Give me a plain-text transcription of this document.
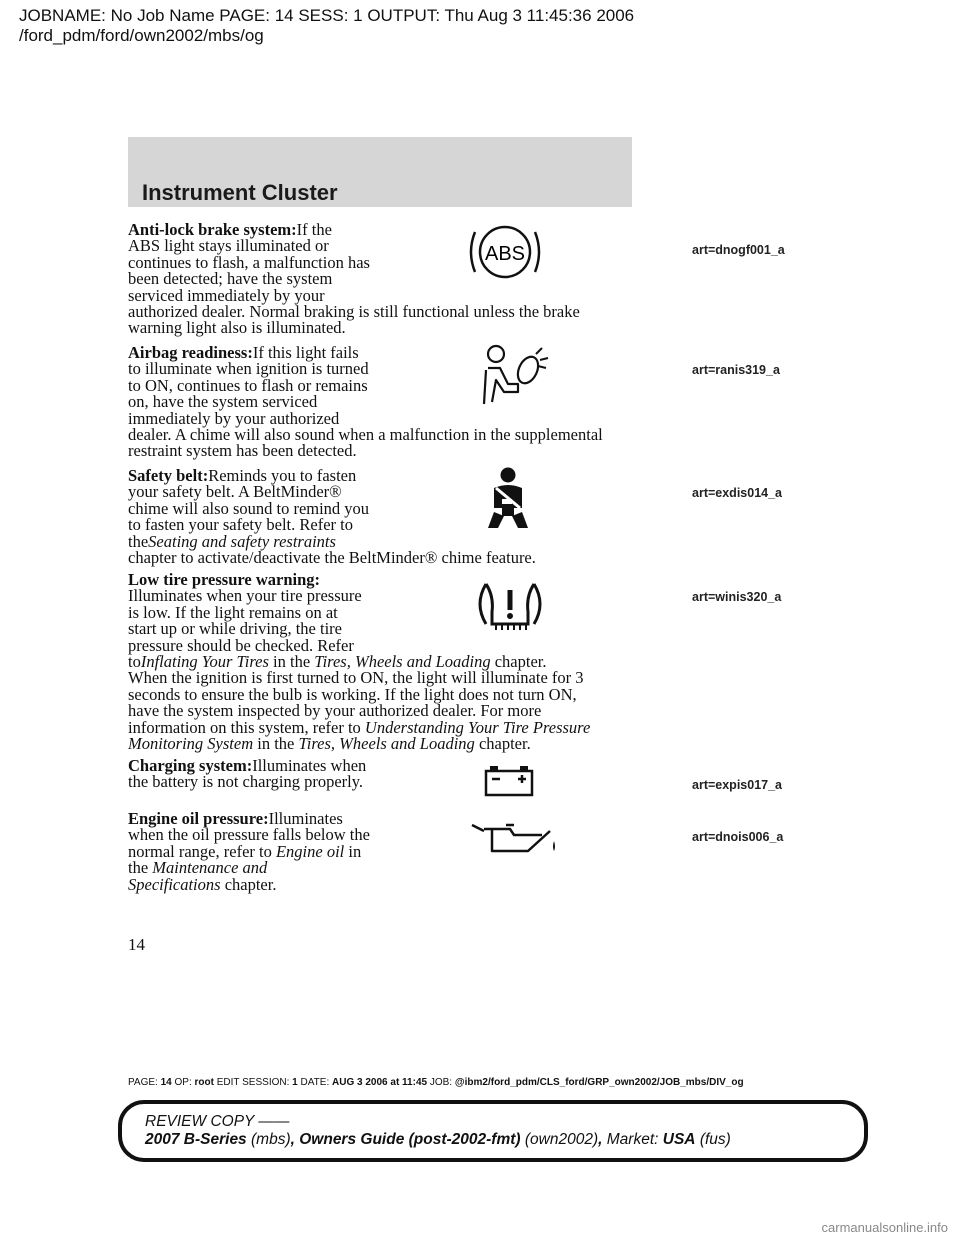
JOBNAME: No Job Name PAGE: 14 SESS: 1 OUTPUT: Thu Aug 3 11:45:36 2006
/ford_pdm/ford/own2002/mbs/og
Instrument Cluster
Anti-lock brake system:If the
ABS light stays illuminated or
continues to flash, a malfunction has
been detected; have the system
serviced immediately by your
authorized dealer. Normal braking is still functional unless the brake
warning light also is illuminated.
ABS	art=dnogf001_a
Airbag readiness:If this light fails
to illuminate when ignition is turned
to ON, continues to flash or remains
on, have the system serviced
immediately by your authorized
dealer. A chime will also sound when a malfunction in the supplemental
restraint system has been detected.
art=ranis319_a
Safety belt:Reminds you to fasten
your safety belt. A BeltMinder®
chime will also sound to remind you
to fasten your safety belt. Refer to
theSeating and safety restraints
chapter to activate/deactivate the BeltMinder® chime feature.
art=exdis014_a
Low tire pressure warning:
Illuminates when your tire pressure
is low. If the light remains on at
start up or while driving, the tire
pressure should be checked. Refer
toInflating Your Tires in the Tires, Wheels and Loading chapter.
When the ignition is first turned to ON, the light will illuminate for 3
seconds to ensure the bulb is working. If the light does not turn ON,
have the system inspected by your authorized dealer. For more
information on this system, refer to Understanding Your Tire Pressure
Monitoring System in the Tires, Wheels and Loading chapter.
art=winis320_a
Charging system:Illuminates when
the battery is not charging properly.	art=expis017_a
Engine oil pressure:Illuminates
when the oil pressure falls below the
normal range, refer to Engine oil in
the Maintenance and
Specifications chapter.
art=dnois006_a
14
PAGE: 14 OP: root EDIT SESSION: 1 DATE: AUG 3 2006 at 11:45 JOB: @ibm2/ford_pdm/CLS_ford/GRP_own2002/JOB_mbs/DIV_og
REVIEW COPY ——
2007 B-Series (mbs), Owners Guide (post-2002-fmt) (own2002), Market: USA (fus)
carmanualsonline.info
